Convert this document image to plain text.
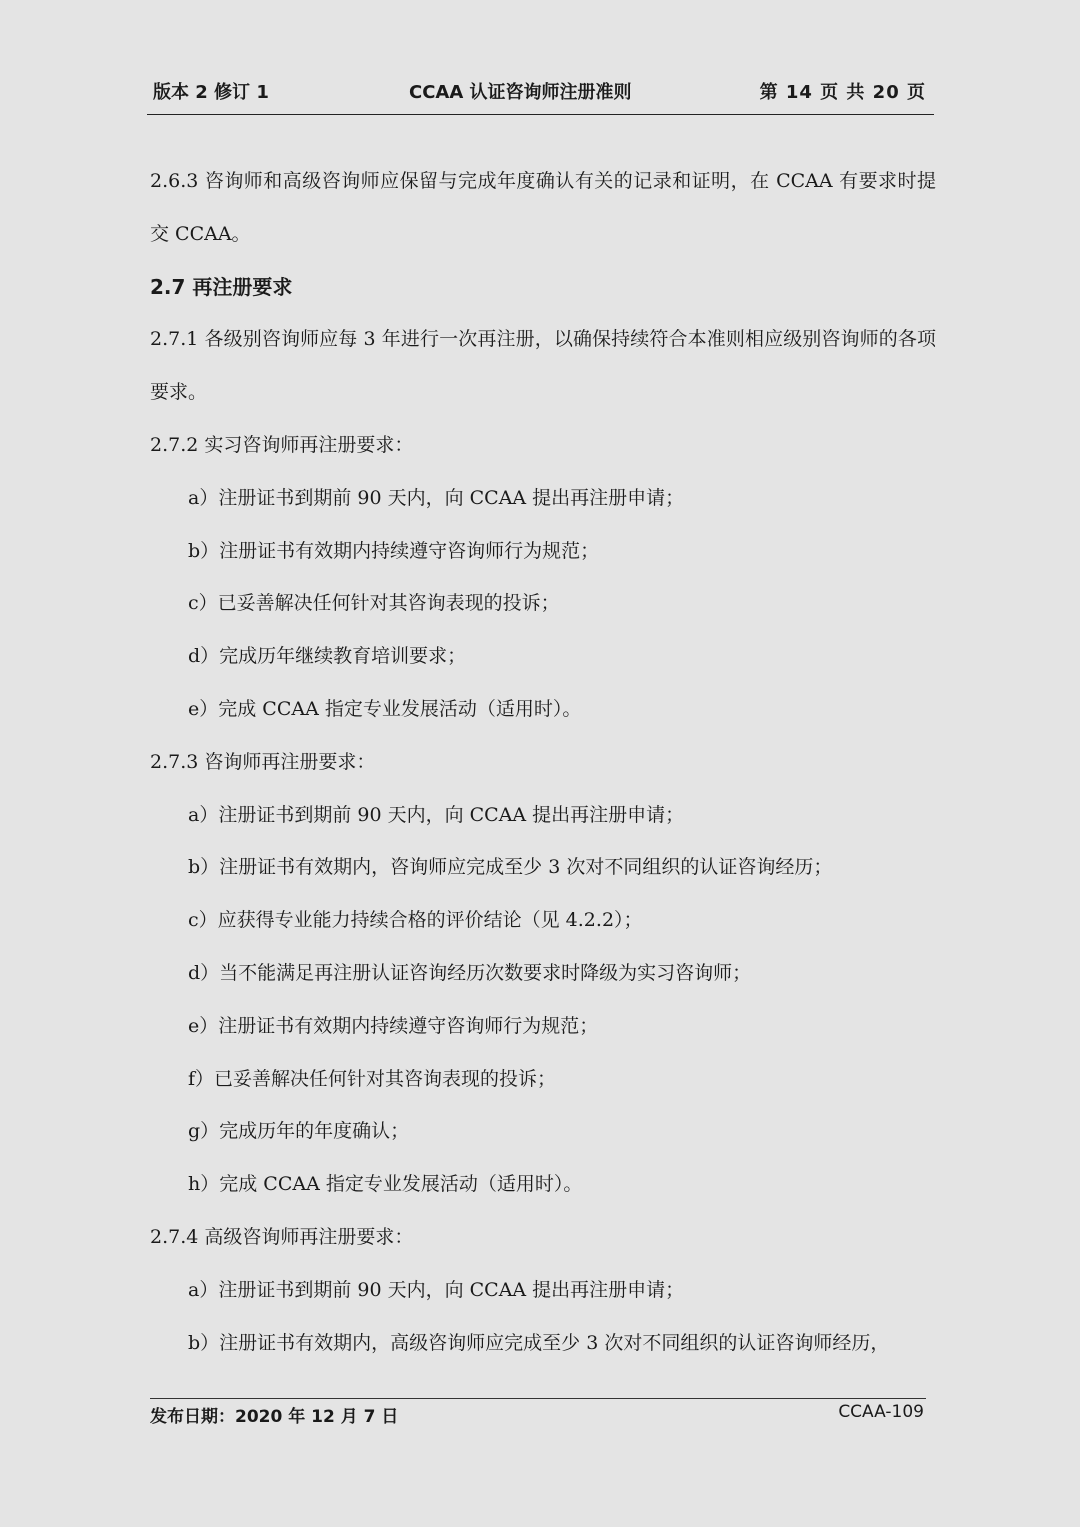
版本 2 修订 1	CCAA 认证咨询师注册准则	第 14 页 共 20 页
2.6.3 咨询师和高级咨询师应保留与完成年度确认有关的记录和证明，在 CCAA 有要求时提
交 CCAA。
2.7 再注册要求
2.7.1 各级别咨询师应每 3 年进行一次再注册，以确保持续符合本准则相应级别咨询师的各项
要求。
2.7.2 实习咨询师再注册要求：
a）注册证书到期前 90 天内，向 CCAA 提出再注册申请；
b）注册证书有效期内持续遵守咨询师行为规范；
c）已妥善解决任何针对其咨询表现的投诉；
d）完成历年继续教育培训要求；
e）完成 CCAA 指定专业发展活动（适用时）。
2.7.3 咨询师再注册要求：
a）注册证书到期前 90 天内，向 CCAA 提出再注册申请；
b）注册证书有效期内，咨询师应完成至少 3 次对不同组织的认证咨询经历；
c）应获得专业能力持续合格的评价结论（见 4.2.2）；
d）当不能满足再注册认证咨询经历次数要求时降级为实习咨询师；
e）注册证书有效期内持续遵守咨询师行为规范；
f）已妥善解决任何针对其咨询表现的投诉；
g）完成历年的年度确认；
h）完成 CCAA 指定专业发展活动（适用时）。
2.7.4 高级咨询师再注册要求：
a）注册证书到期前 90 天内，向 CCAA 提出再注册申请；
b）注册证书有效期内，高级咨询师应完成至少 3 次对不同组织的认证咨询师经历，
发布日期：2020 年 12 月 7 日	CCAA-109
